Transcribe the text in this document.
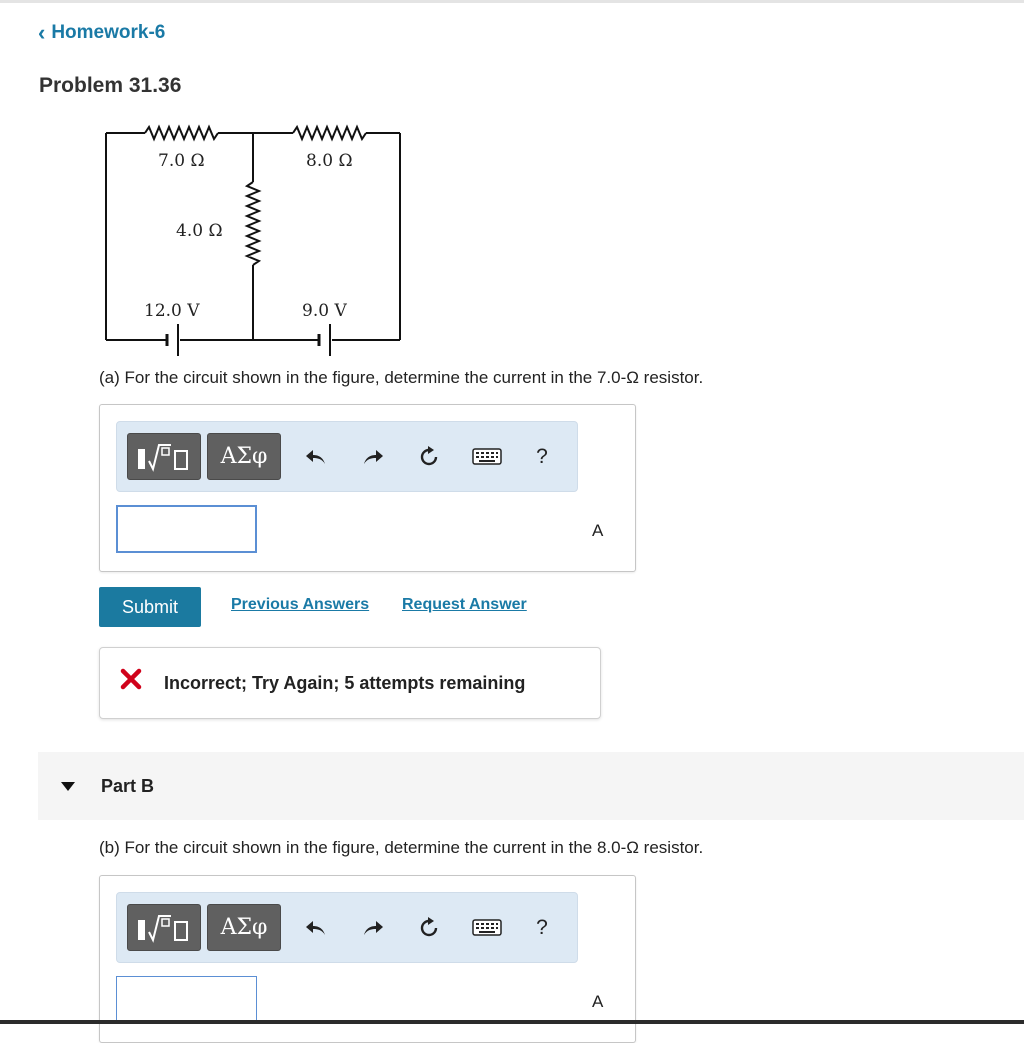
‹ Homework-6
Problem 31.36
7.0 Ω	8.0 Ω
4.0 Ω
12.0 V	9.0 V
(a) For the circuit shown in the figure, determine the current in the 7.0-Ω resistor.
ΑΣφ	?
A
Submit	Previous Answers Request Answer
Incorrect; Try Again; 5 attempts remaining
Part B
(b) For the circuit shown in the figure, determine the current in the 8.0-Ω resistor.
ΑΣφ	?
A
